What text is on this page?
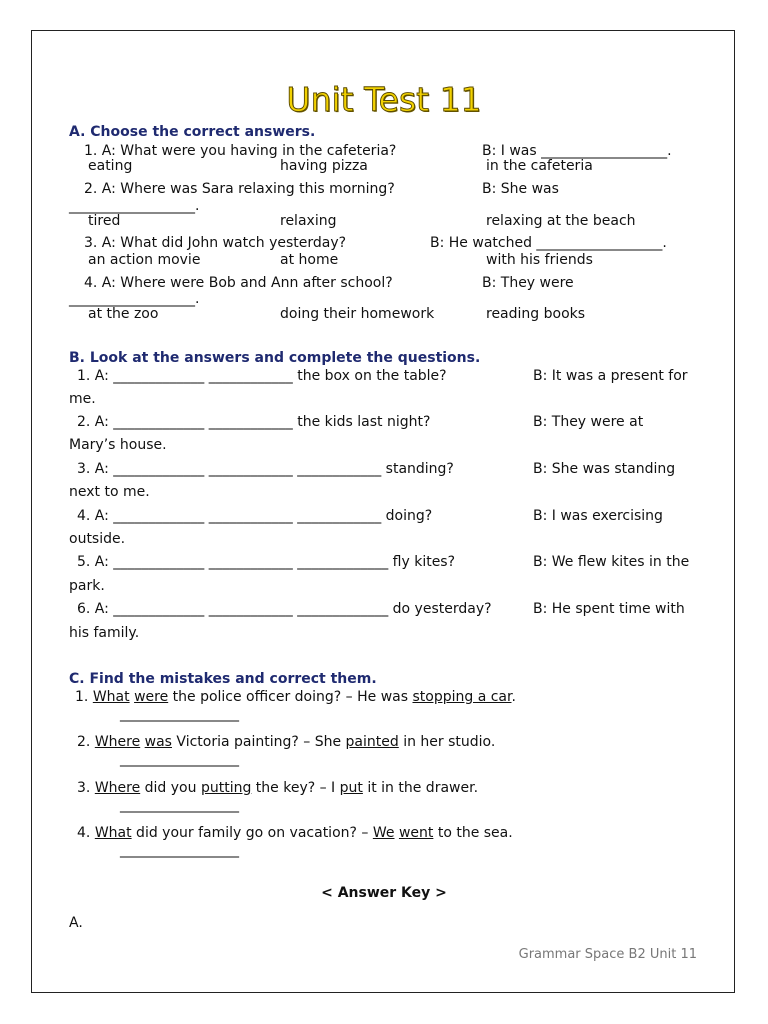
Unit Test 11
A. Choose the correct answers.
1. A: What were you having in the cafeteria?	B: I was __________________.
eating	having pizza	in the cafeteria
2. A: Where was Sara relaxing this morning?	B: She was
__________________.
tired	relaxing	relaxing at the beach
3. A: What did John watch yesterday?	B: He watched __________________.
an action movie	at home	with his friends
4. A: Where were Bob and Ann after school?	B: They were
__________________.
at the zoo	doing their homework	reading books
B. Look at the answers and complete the questions.
1. A: _____________ ____________ the box on the table?	B: It was a present for
me.
2. A: _____________ ____________ the kids last night?	B: They were at
Mary’s house.
3. A: _____________ ____________ ____________ standing?	B: She was standing
next to me.
4. A: _____________ ____________ ____________ doing?	B: I was exercising
outside.
5. A: _____________ ____________ _____________ fly kites?	B: We flew kites in the
park.
6. A: _____________ ____________ _____________ do yesterday?	B: He spent time with
his family.
C. Find the mistakes and correct them.
1. What were the police officer doing? – He was stopping a car.
_________________
2. Where was Victoria painting? – She painted in her studio.
_________________
3. Where did you putting the key? – I put it in the drawer.
_________________
4. What did your family go on vacation? – We went to the sea.
_________________
< Answer Key >
A.
Grammar Space B2 Unit 11
